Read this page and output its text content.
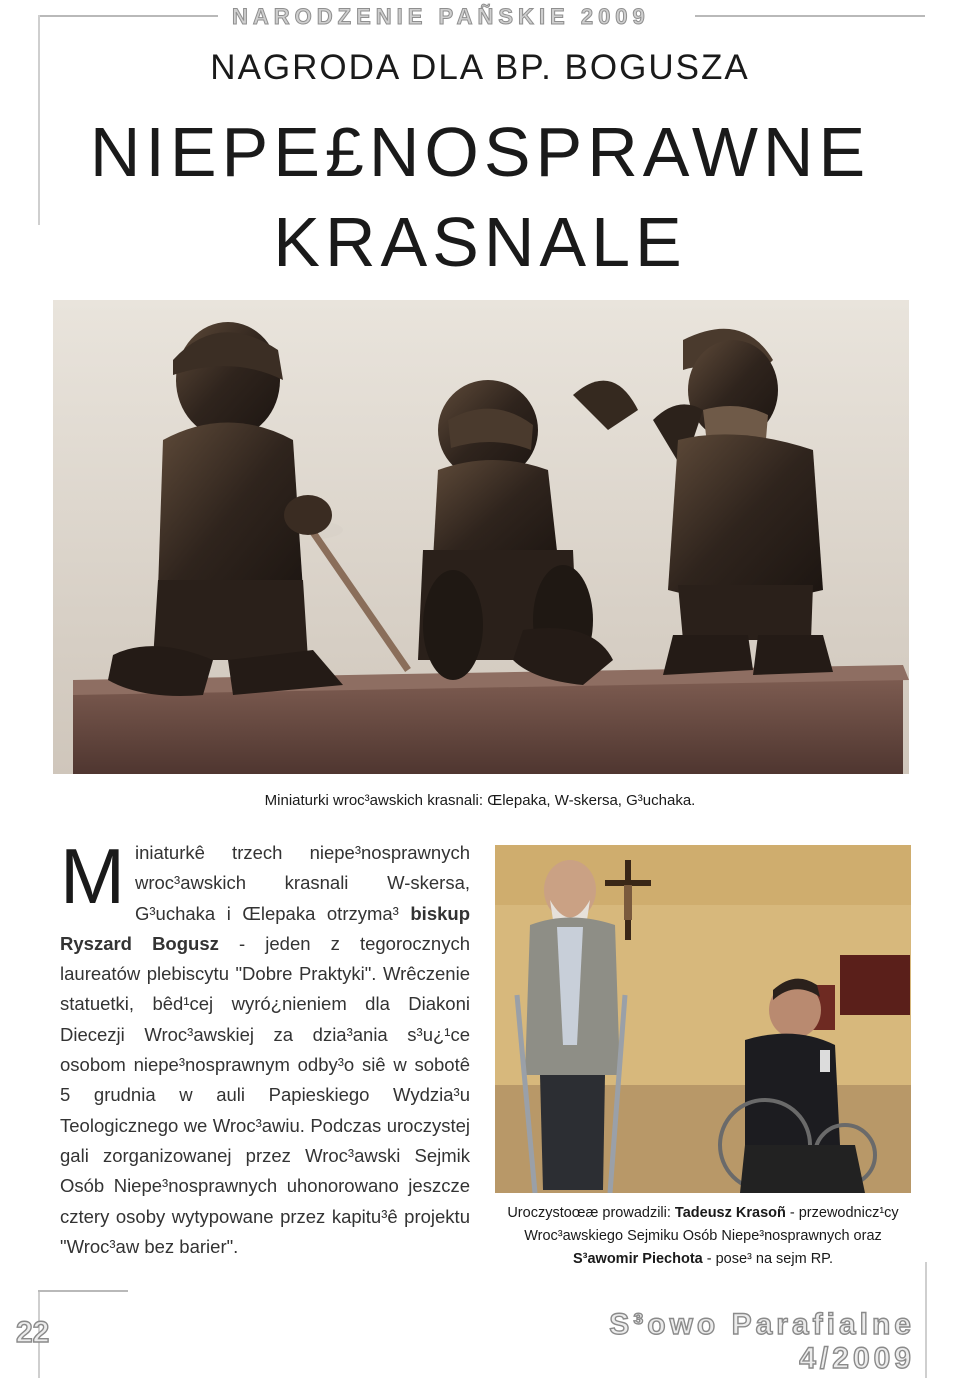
NARODZENIE PAÑSKIE 2009
NAGRODA DLA BP. BOGUSZA
NIEPE£NOSPRAWNE
KRASNALE
Miniaturki wroc³awskich krasnali: Œlepaka, W-skersa, G³uchaka.
Miniaturkê trzech niepe³nosprawnych wroc³awskich krasnali W-skersa, G³uchaka i Œlepaka otrzyma³ biskup Ryszard Bogusz - jeden z tegorocznych laureatów plebiscytu "Dobre Praktyki". Wrêczenie statuetki, bêd¹cej wyró¿nieniem dla Diakoni Diecezji Wroc³awskiej za dzia³ania s³u¿¹ce osobom niepe³nosprawnym odby³o siê w sobotê 5 grudnia w auli Papieskiego Wydzia³u Teologicznego we Wroc³awiu. Podczas uroczystej gali zorganizowanej przez Wroc³awski Sejmik Osób Niepe³nosprawnych uhonorowano jeszcze cztery osoby wytypowane przez kapitu³ê projektu "Wroc³aw bez barier".
Uroczystoœæ prowadzili: Tadeusz Krasoñ - przewodnicz¹cy Wroc³awskiego Sejmiku Osób Niepe³nosprawnych oraz S³awomir Piechota - pose³ na sejm RP.
22	S³owo Parafialne
4/2009
